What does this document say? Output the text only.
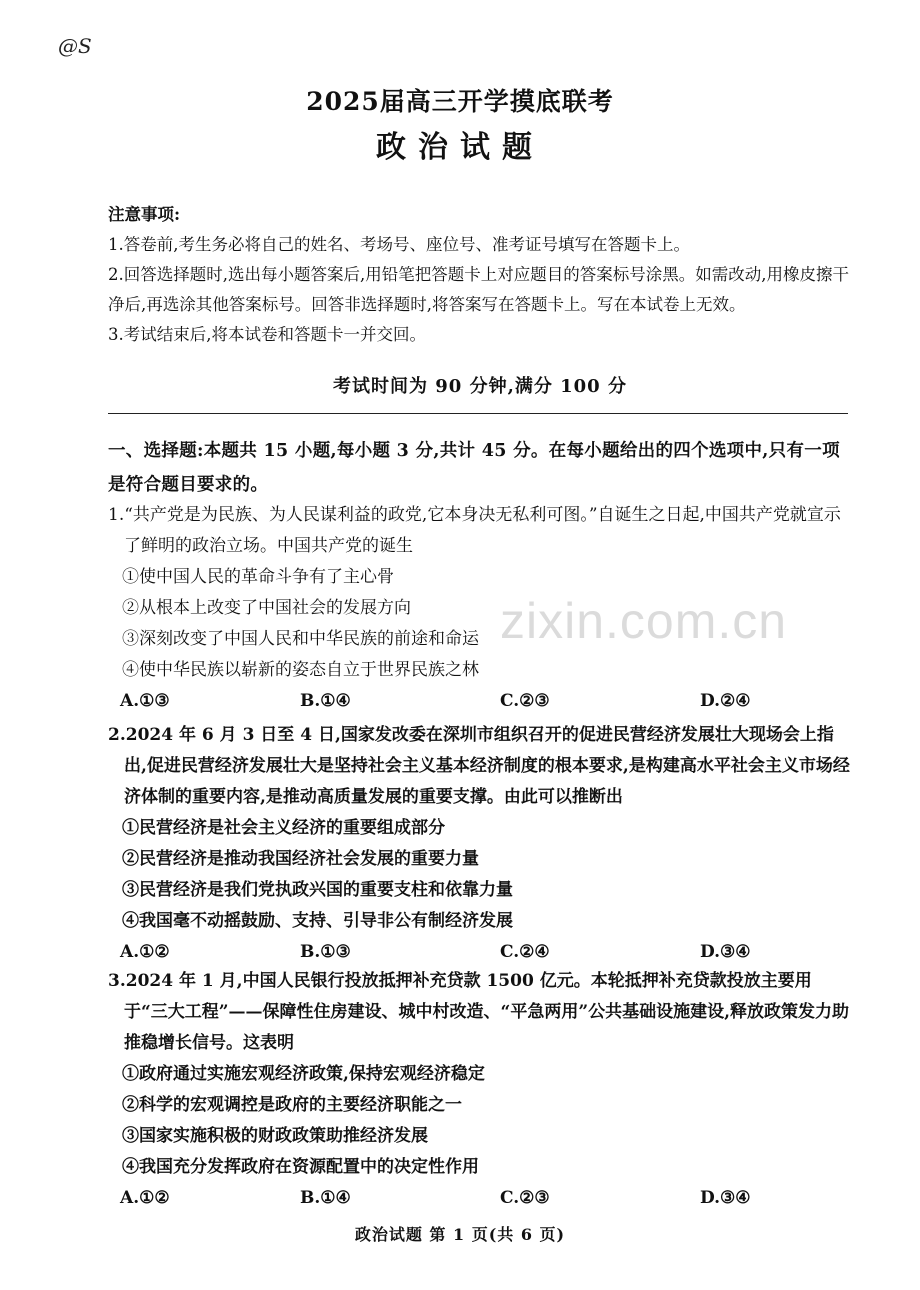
@S
zixin.com.cn
2025届高三开学摸底联考
政治试题
注意事项:
1.答卷前,考生务必将自己的姓名、考场号、座位号、准考证号填写在答题卡上。
2.回答选择题时,选出每小题答案后,用铅笔把答题卡上对应题目的答案标号涂黑。如需改动,用橡皮擦干净后,再选涂其他答案标号。回答非选择题时,将答案写在答题卡上。写在本试卷上无效。
3.考试结束后,将本试卷和答题卡一并交回。
考试时间为 90 分钟,满分 100 分
一、选择题:本题共 15 小题,每小题 3 分,共计 45 分。在每小题给出的四个选项中,只有一项是符合题目要求的。
1.“共产党是为民族、为人民谋利益的政党,它本身决无私利可图。”自诞生之日起,中国共产党就宣示了鲜明的政治立场。中国共产党的诞生
①使中国人民的革命斗争有了主心骨
②从根本上改变了中国社会的发展方向
③深刻改变了中国人民和中华民族的前途和命运
④使中华民族以崭新的姿态自立于世界民族之林
A.①③	B.①④	C.②③	D.②④
2.2024 年 6 月 3 日至 4 日,国家发改委在深圳市组织召开的促进民营经济发展壮大现场会上指出,促进民营经济发展壮大是坚持社会主义基本经济制度的根本要求,是构建高水平社会主义市场经济体制的重要内容,是推动高质量发展的重要支撑。由此可以推断出
①民营经济是社会主义经济的重要组成部分
②民营经济是推动我国经济社会发展的重要力量
③民营经济是我们党执政兴国的重要支柱和依靠力量
④我国毫不动摇鼓励、支持、引导非公有制经济发展
A.①②	B.①③	C.②④	D.③④
3.2024 年 1 月,中国人民银行投放抵押补充贷款 1500 亿元。本轮抵押补充贷款投放主要用于“三大工程”——保障性住房建设、城中村改造、“平急两用”公共基础设施建设,释放政策发力助推稳增长信号。这表明
①政府通过实施宏观经济政策,保持宏观经济稳定
②科学的宏观调控是政府的主要经济职能之一
③国家实施积极的财政政策助推经济发展
④我国充分发挥政府在资源配置中的决定性作用
A.①②	B.①④	C.②③	D.③④
政治试题 第 1 页(共 6 页)
